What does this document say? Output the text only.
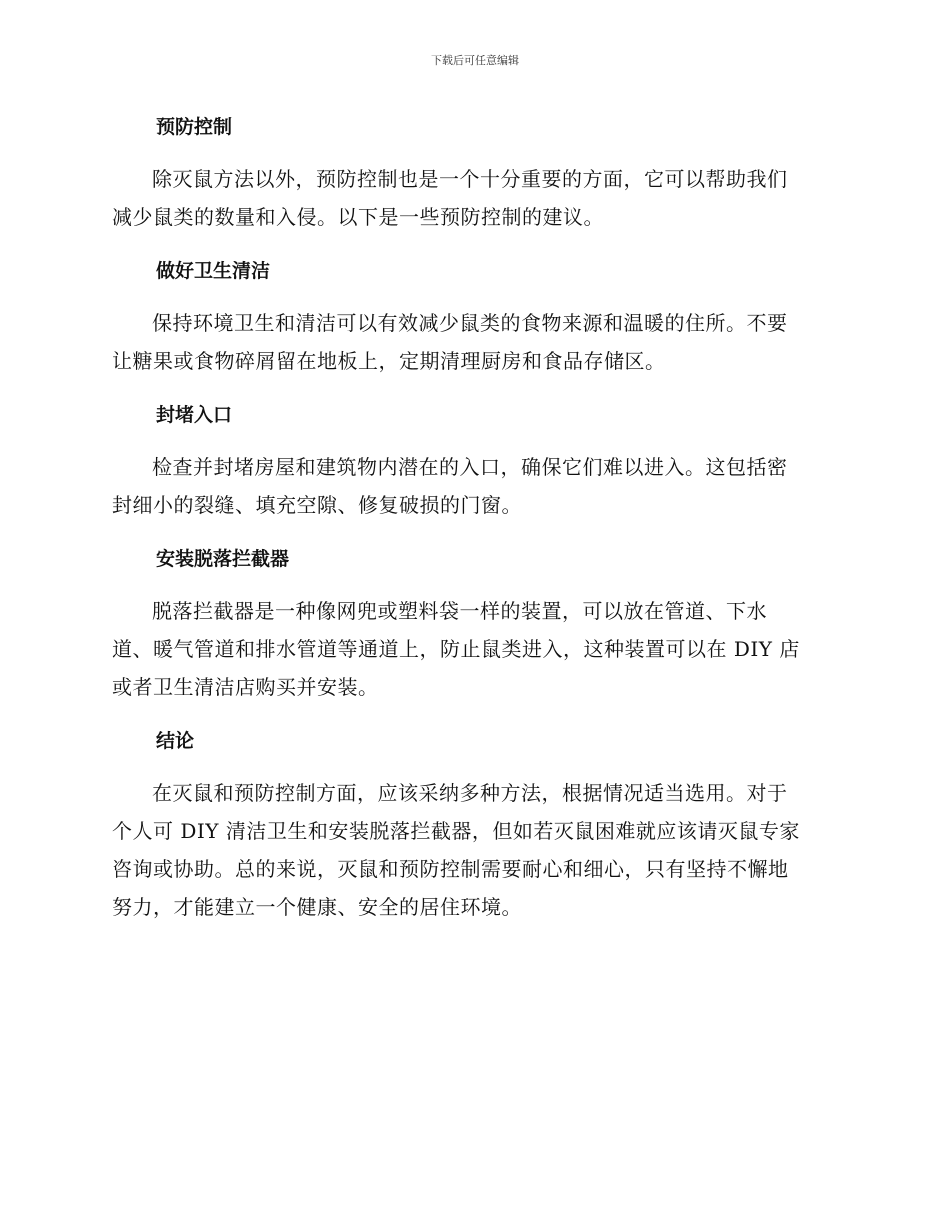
下载后可任意编辑
预防控制

除灭鼠方法以外，预防控制也是一个十分重要的方面，它可以帮助我们
减少鼠类的数量和入侵。以下是一些预防控制的建议。

做好卫生清洁

保持环境卫生和清洁可以有效减少鼠类的食物来源和温暖的住所。不要
让糖果或食物碎屑留在地板上，定期清理厨房和食品存储区。

封堵入口

检查并封堵房屋和建筑物内潜在的入口，确保它们难以进入。这包括密
封细小的裂缝、填充空隙、修复破损的门窗。

安装脱落拦截器

脱落拦截器是一种像网兜或塑料袋一样的装置，可以放在管道、下水
道、暖气管道和排水管道等通道上，防止鼠类进入，这种装置可以在 DIY 店
或者卫生清洁店购买并安装。

结论

在灭鼠和预防控制方面，应该采纳多种方法，根据情况适当选用。对于
个人可 DIY 清洁卫生和安装脱落拦截器，但如若灭鼠困难就应该请灭鼠专家
咨询或协助。总的来说，灭鼠和预防控制需要耐心和细心，只有坚持不懈地
努力，才能建立一个健康、安全的居住环境。
